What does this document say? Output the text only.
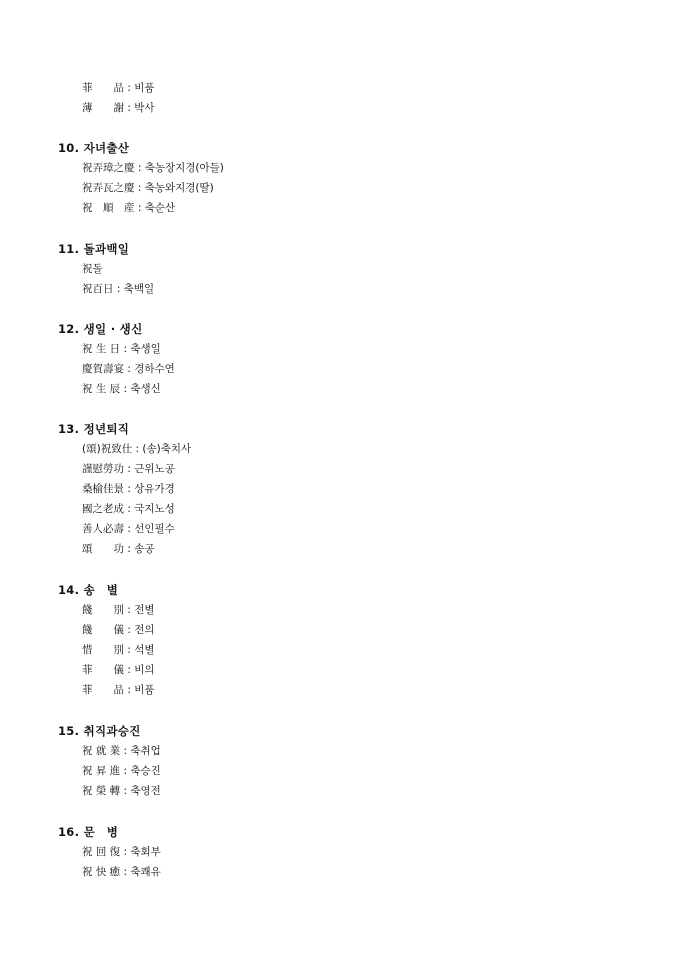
菲　　品 : 비품
薄　　謝 : 박사
10. 자녀출산
祝弄璋之慶 : 축농장지경(아들)
祝弄瓦之慶 : 축농와지경(딸)
祝　順　産 : 축순산
11. 돌과백일
祝돌
祝百日 : 축백일
12. 생일 · 생신
祝 生 日 : 축생일
慶賀壽宴 : 경하수연
祝 生 辰 : 축생신
13. 정년퇴직
(頌)祝致仕 : (송)축치사
謹慰勞功 : 근위노공
桑榆佳景 : 상유가경
國之老成 : 국지노성
善人必壽 : 선인필수
頌　　功 : 송공
14. 송　별
餞　　別 : 전별
餞　　儀 : 전의
惜　　別 : 석별
菲　　儀 : 비의
菲　　品 : 비품
15. 취직과승진
祝 就 業 : 축취업
祝 昇 進 : 축승진
祝 榮 轉 : 축영전
16. 문　병
祝 回 復 : 축회부
祝 快 癒 : 축쾌유
